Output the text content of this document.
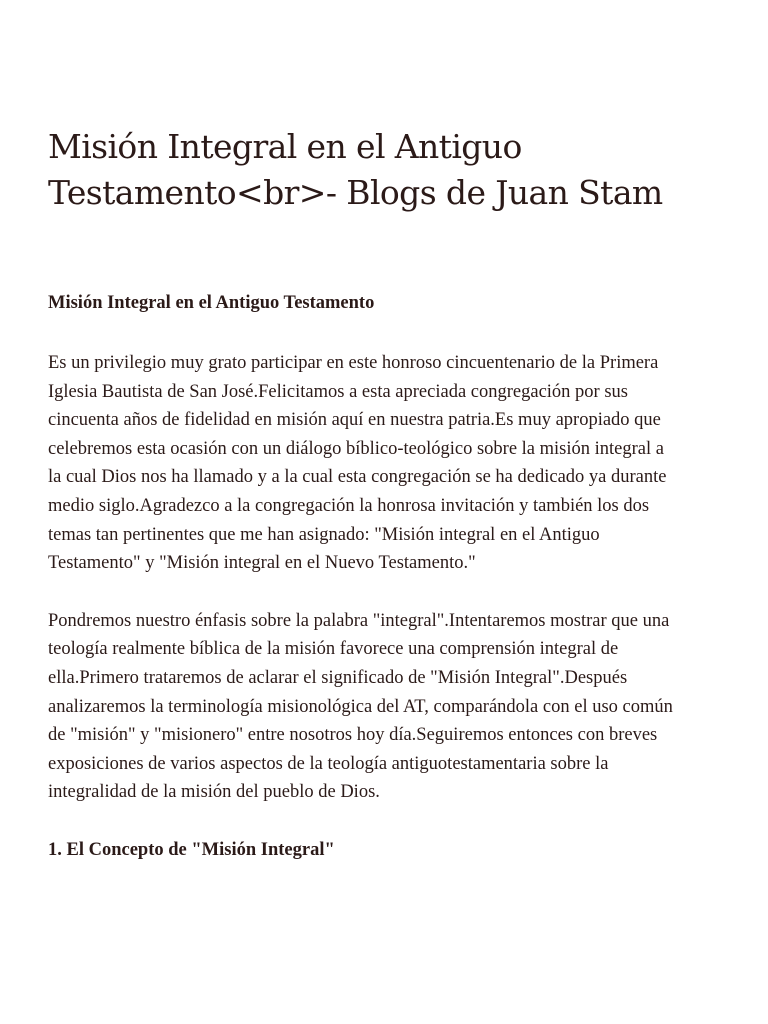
Misión Integral en el Antiguo Testamento<br>- Blogs de Juan Stam
Misión Integral en el Antiguo Testamento

Es un privilegio muy grato participar en este honroso cincuentenario de la Primera Iglesia Bautista de San José.Felicitamos a esta apreciada congregación por sus cincuenta años de fidelidad en misión aquí en nuestra patria.Es muy apropiado que celebremos esta ocasión con un diálogo bíblico-teológico sobre la misión integral a la cual Dios nos ha llamado y a la cual esta congregación se ha dedicado ya durante medio siglo.Agradezco a la congregación la honrosa invitación y también los dos temas tan pertinentes que me han asignado: "Misión integral en el Antiguo Testamento" y "Misión integral en el Nuevo Testamento."

Pondremos nuestro énfasis sobre la palabra "integral".Intentaremos mostrar que una teología realmente bíblica de la misión favorece una comprensión integral de ella.Primero trataremos de aclarar el significado de "Misión Integral".Después analizaremos la terminología misionológica del AT, comparándola con el uso común de "misión" y "misionero" entre nosotros hoy día.Seguiremos entonces con breves exposiciones de varios aspectos de la teología antiguotestamentaria sobre la integralidad de la misión del pueblo de Dios.

1. El Concepto de "Misión Integral"
